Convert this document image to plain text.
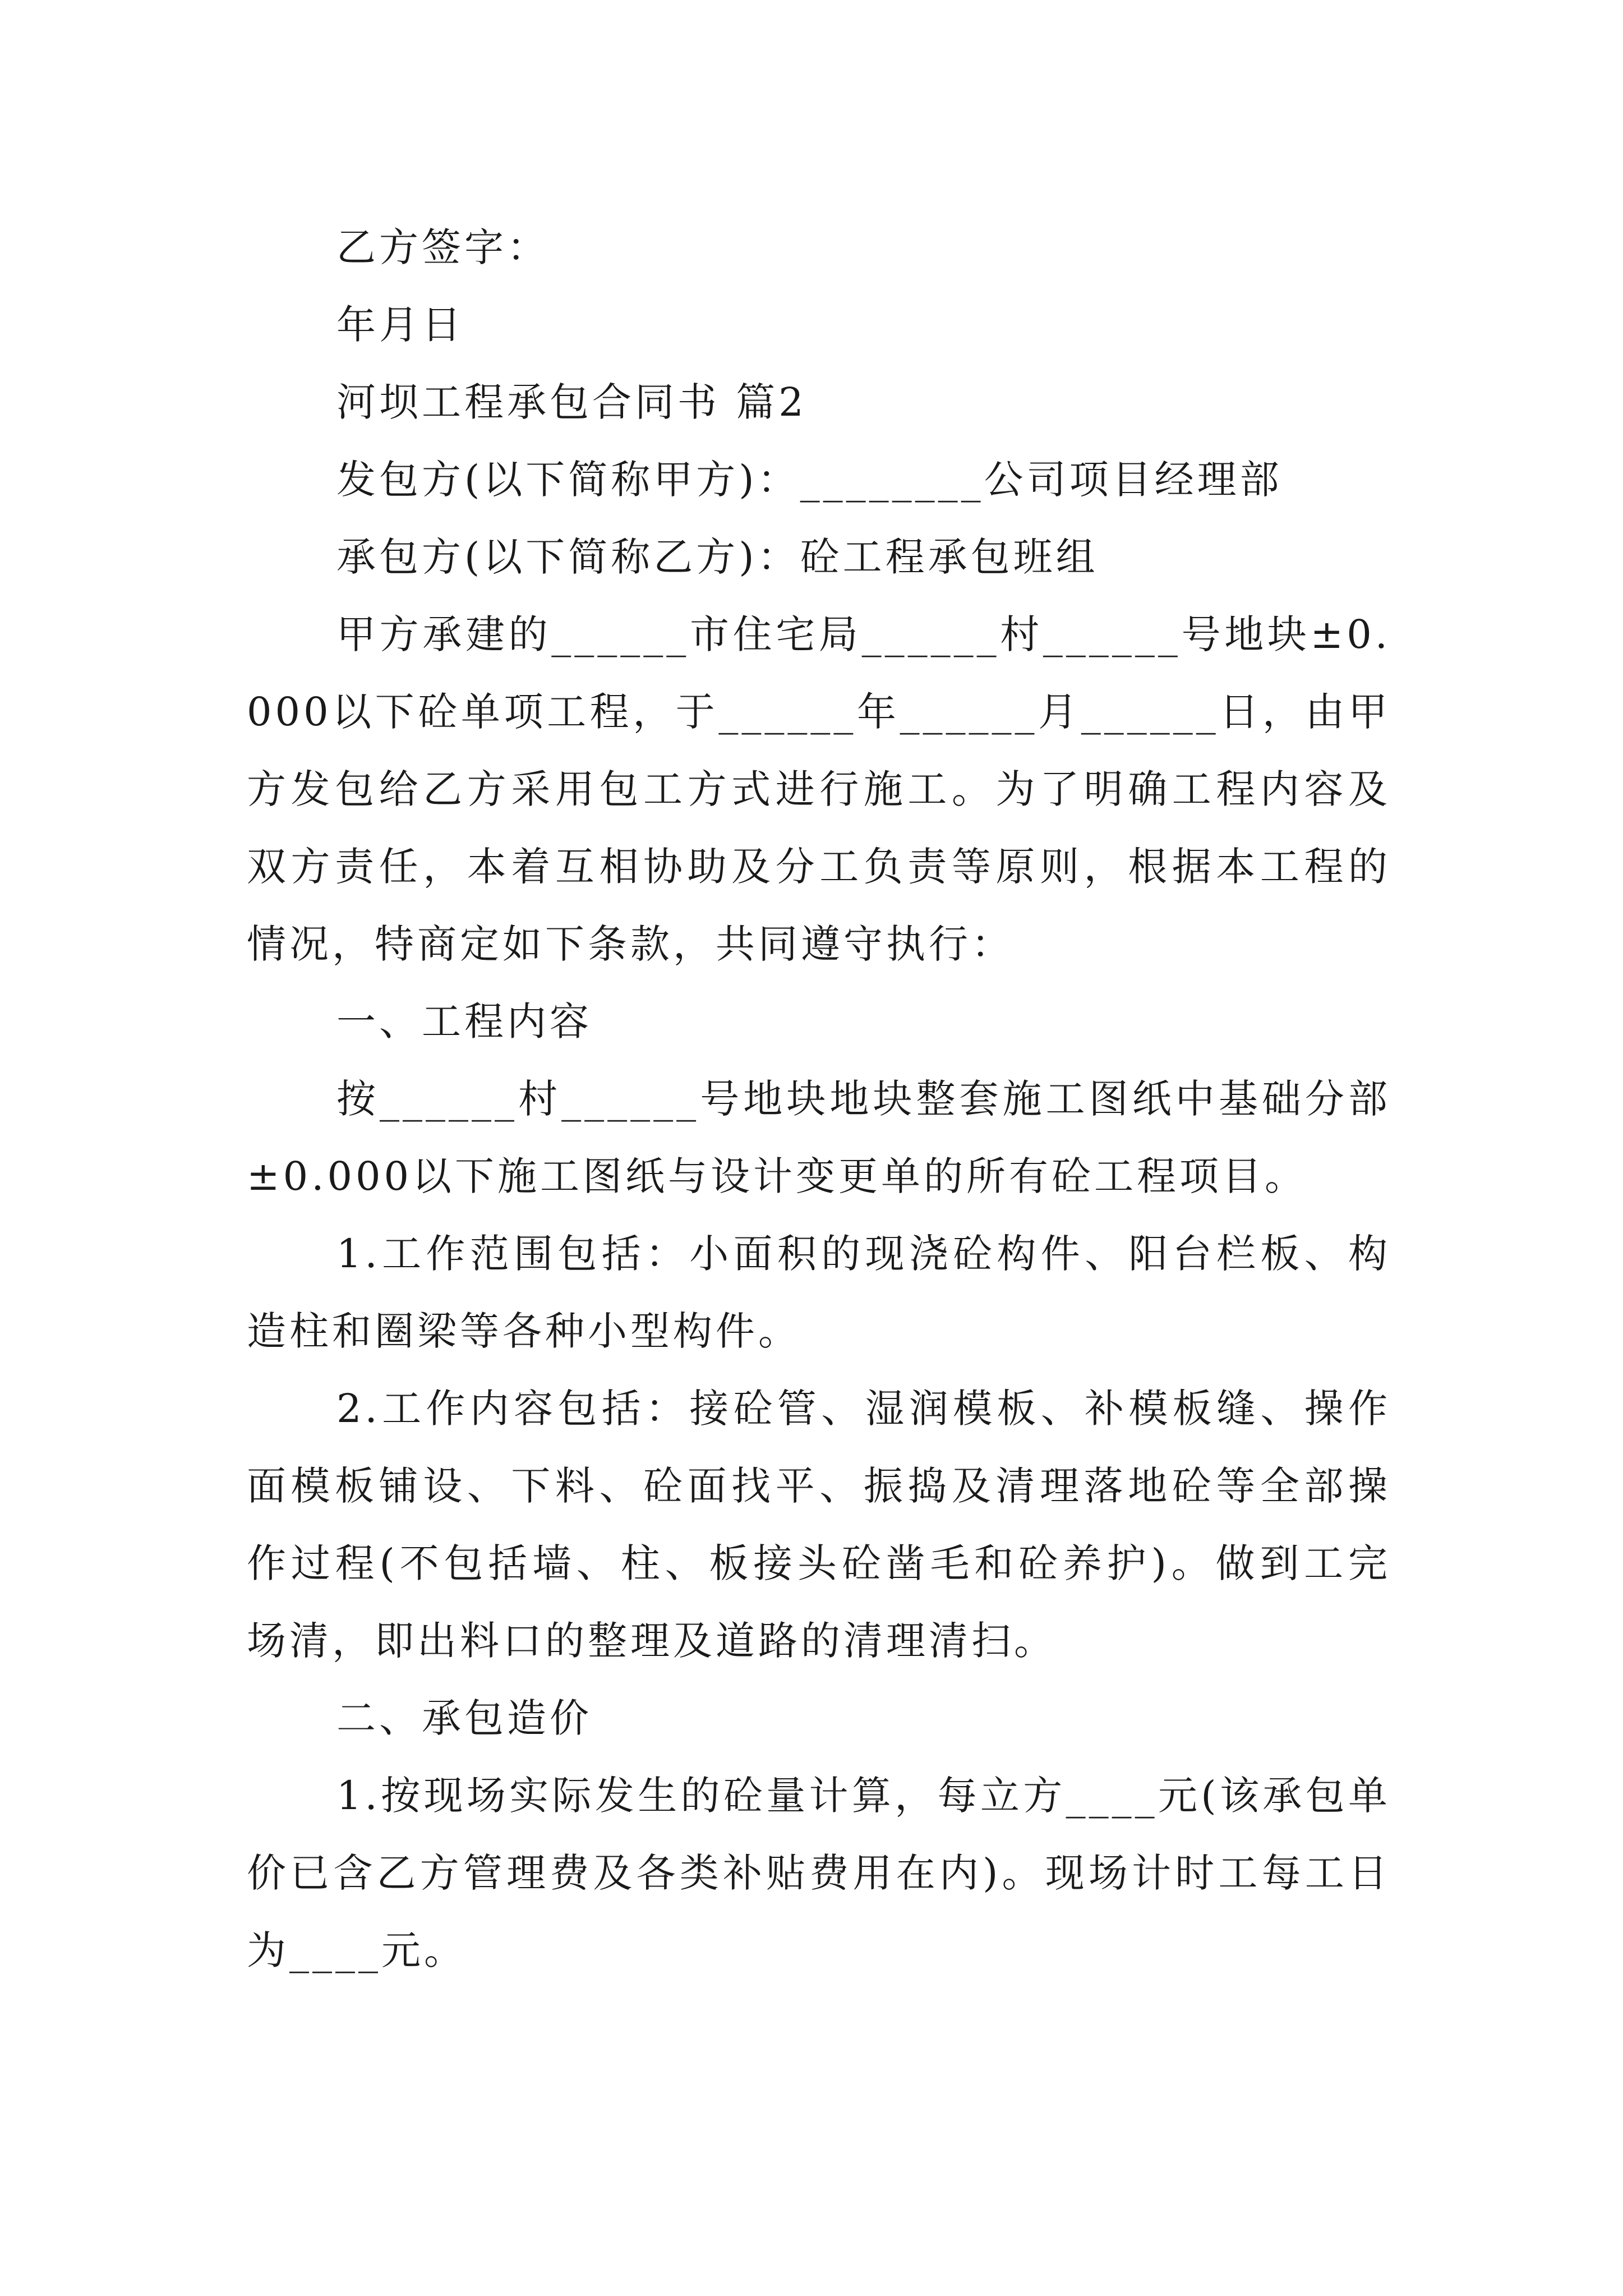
乙方签字：
年月日
河坝工程承包合同书 篇2
发包方(以下简称甲方)：________公司项目经理部
承包方(以下简称乙方)：砼工程承包班组

甲方承建的______市住宅局______村______号地块±0.000以下砼单项工程，于______年______月______日，由甲方发包给乙方采用包工方式进行施工。为了明确工程内容及双方责任，本着互相协助及分工负责等原则，根据本工程的情况，特商定如下条款，共同遵守执行：

一、工程内容

按______村______号地块地块整套施工图纸中基础分部±0.000以下施工图纸与设计变更单的所有砼工程项目。

1.工作范围包括：小面积的现浇砼构件、阳台栏板、构造柱和圈梁等各种小型构件。

2.工作内容包括：接砼管、湿润模板、补模板缝、操作面模板铺设、下料、砼面找平、振捣及清理落地砼等全部操作过程(不包括墙、柱、板接头砼凿毛和砼养护)。做到工完场清，即出料口的整理及道路的清理清扫。

二、承包造价

1.按现场实际发生的砼量计算，每立方____元(该承包单价已含乙方管理费及各类补贴费用在内)。现场计时工每工日为____元。
